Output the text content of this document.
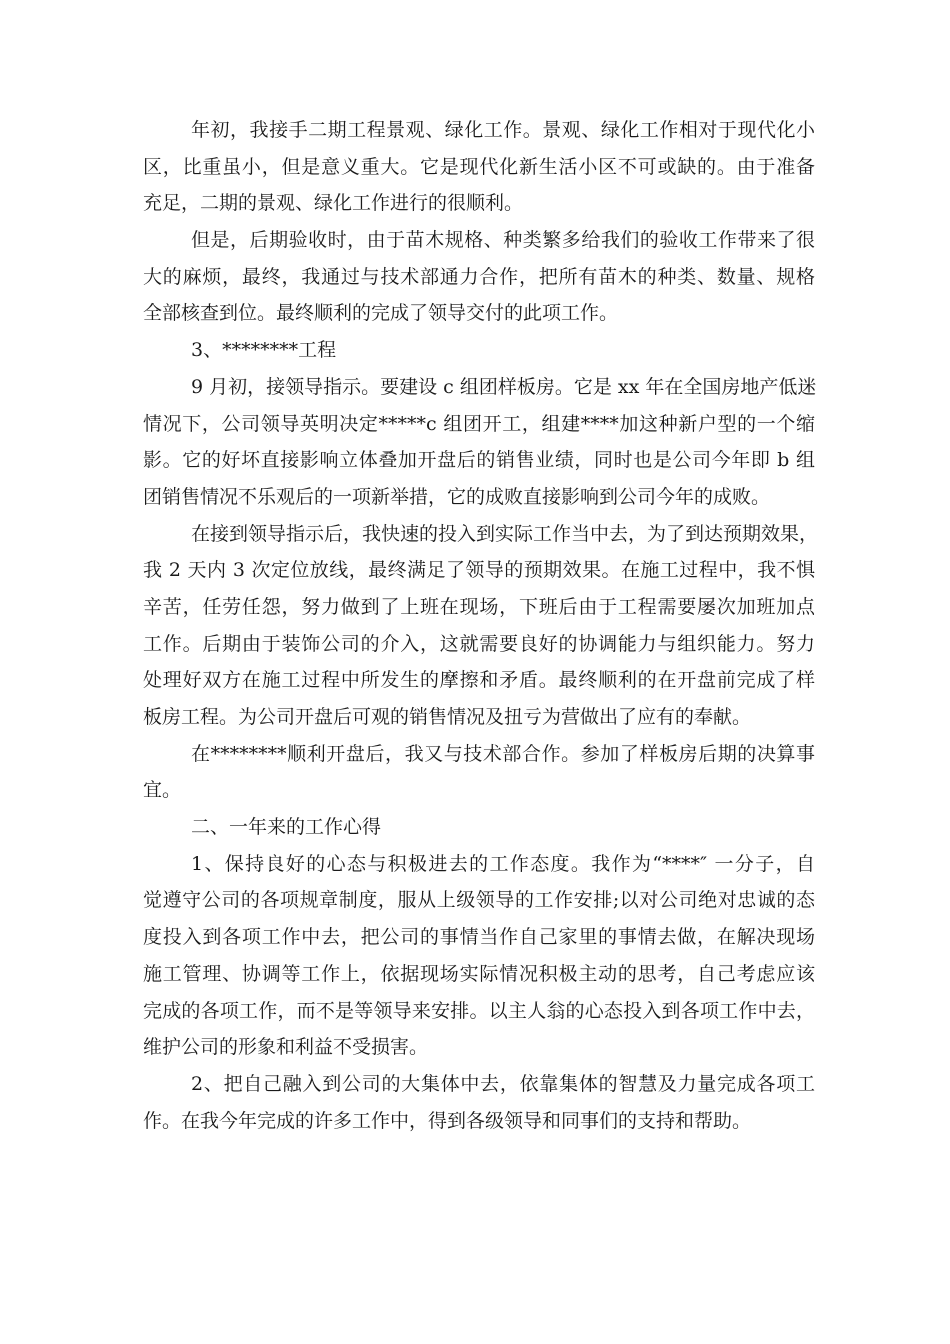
年初，我接手二期工程景观、绿化工作。景观、绿化工作相对于现代化小
区，比重虽小，但是意义重大。它是现代化新生活小区不可或缺的。由于准备
充足，二期的景观、绿化工作进行的很顺利。
但是，后期验收时，由于苗木规格、种类繁多给我们的验收工作带来了很
大的麻烦，最终，我通过与技术部通力合作，把所有苗木的种类、数量、规格
全部核查到位。最终顺利的完成了领导交付的此项工作。
3、********工程
9 月初，接领导指示。要建设 c 组团样板房。它是 xx 年在全国房地产低迷
情况下，公司领导英明决定*****c 组团开工，组建****加这种新户型的一个缩
影。它的好坏直接影响立体叠加开盘后的销售业绩，同时也是公司今年即 b 组
团销售情况不乐观后的一项新举措，它的成败直接影响到公司今年的成败。
在接到领导指示后，我快速的投入到实际工作当中去，为了到达预期效果，
我 2 天内 3 次定位放线，最终满足了领导的预期效果。在施工过程中，我不惧
辛苦，任劳任怨，努力做到了上班在现场，下班后由于工程需要屡次加班加点
工作。后期由于装饰公司的介入，这就需要良好的协调能力与组织能力。努力
处理好双方在施工过程中所发生的摩擦和矛盾。最终顺利的在开盘前完成了样
板房工程。为公司开盘后可观的销售情况及扭亏为营做出了应有的奉献。
在********顺利开盘后，我又与技术部合作。参加了样板房后期的决算事
宜。
二、一年来的工作心得
1、保持良好的心态与积极进去的工作态度。我作为“****″ 一分子，自
觉遵守公司的各项规章制度，服从上级领导的工作安排;以对公司绝对忠诚的态
度投入到各项工作中去，把公司的事情当作自己家里的事情去做，在解决现场
施工管理、协调等工作上，依据现场实际情况积极主动的思考，自己考虑应该
完成的各项工作，而不是等领导来安排。以主人翁的心态投入到各项工作中去，
维护公司的形象和利益不受损害。
2、把自己融入到公司的大集体中去，依靠集体的智慧及力量完成各项工
作。在我今年完成的许多工作中，得到各级领导和同事们的支持和帮助。
